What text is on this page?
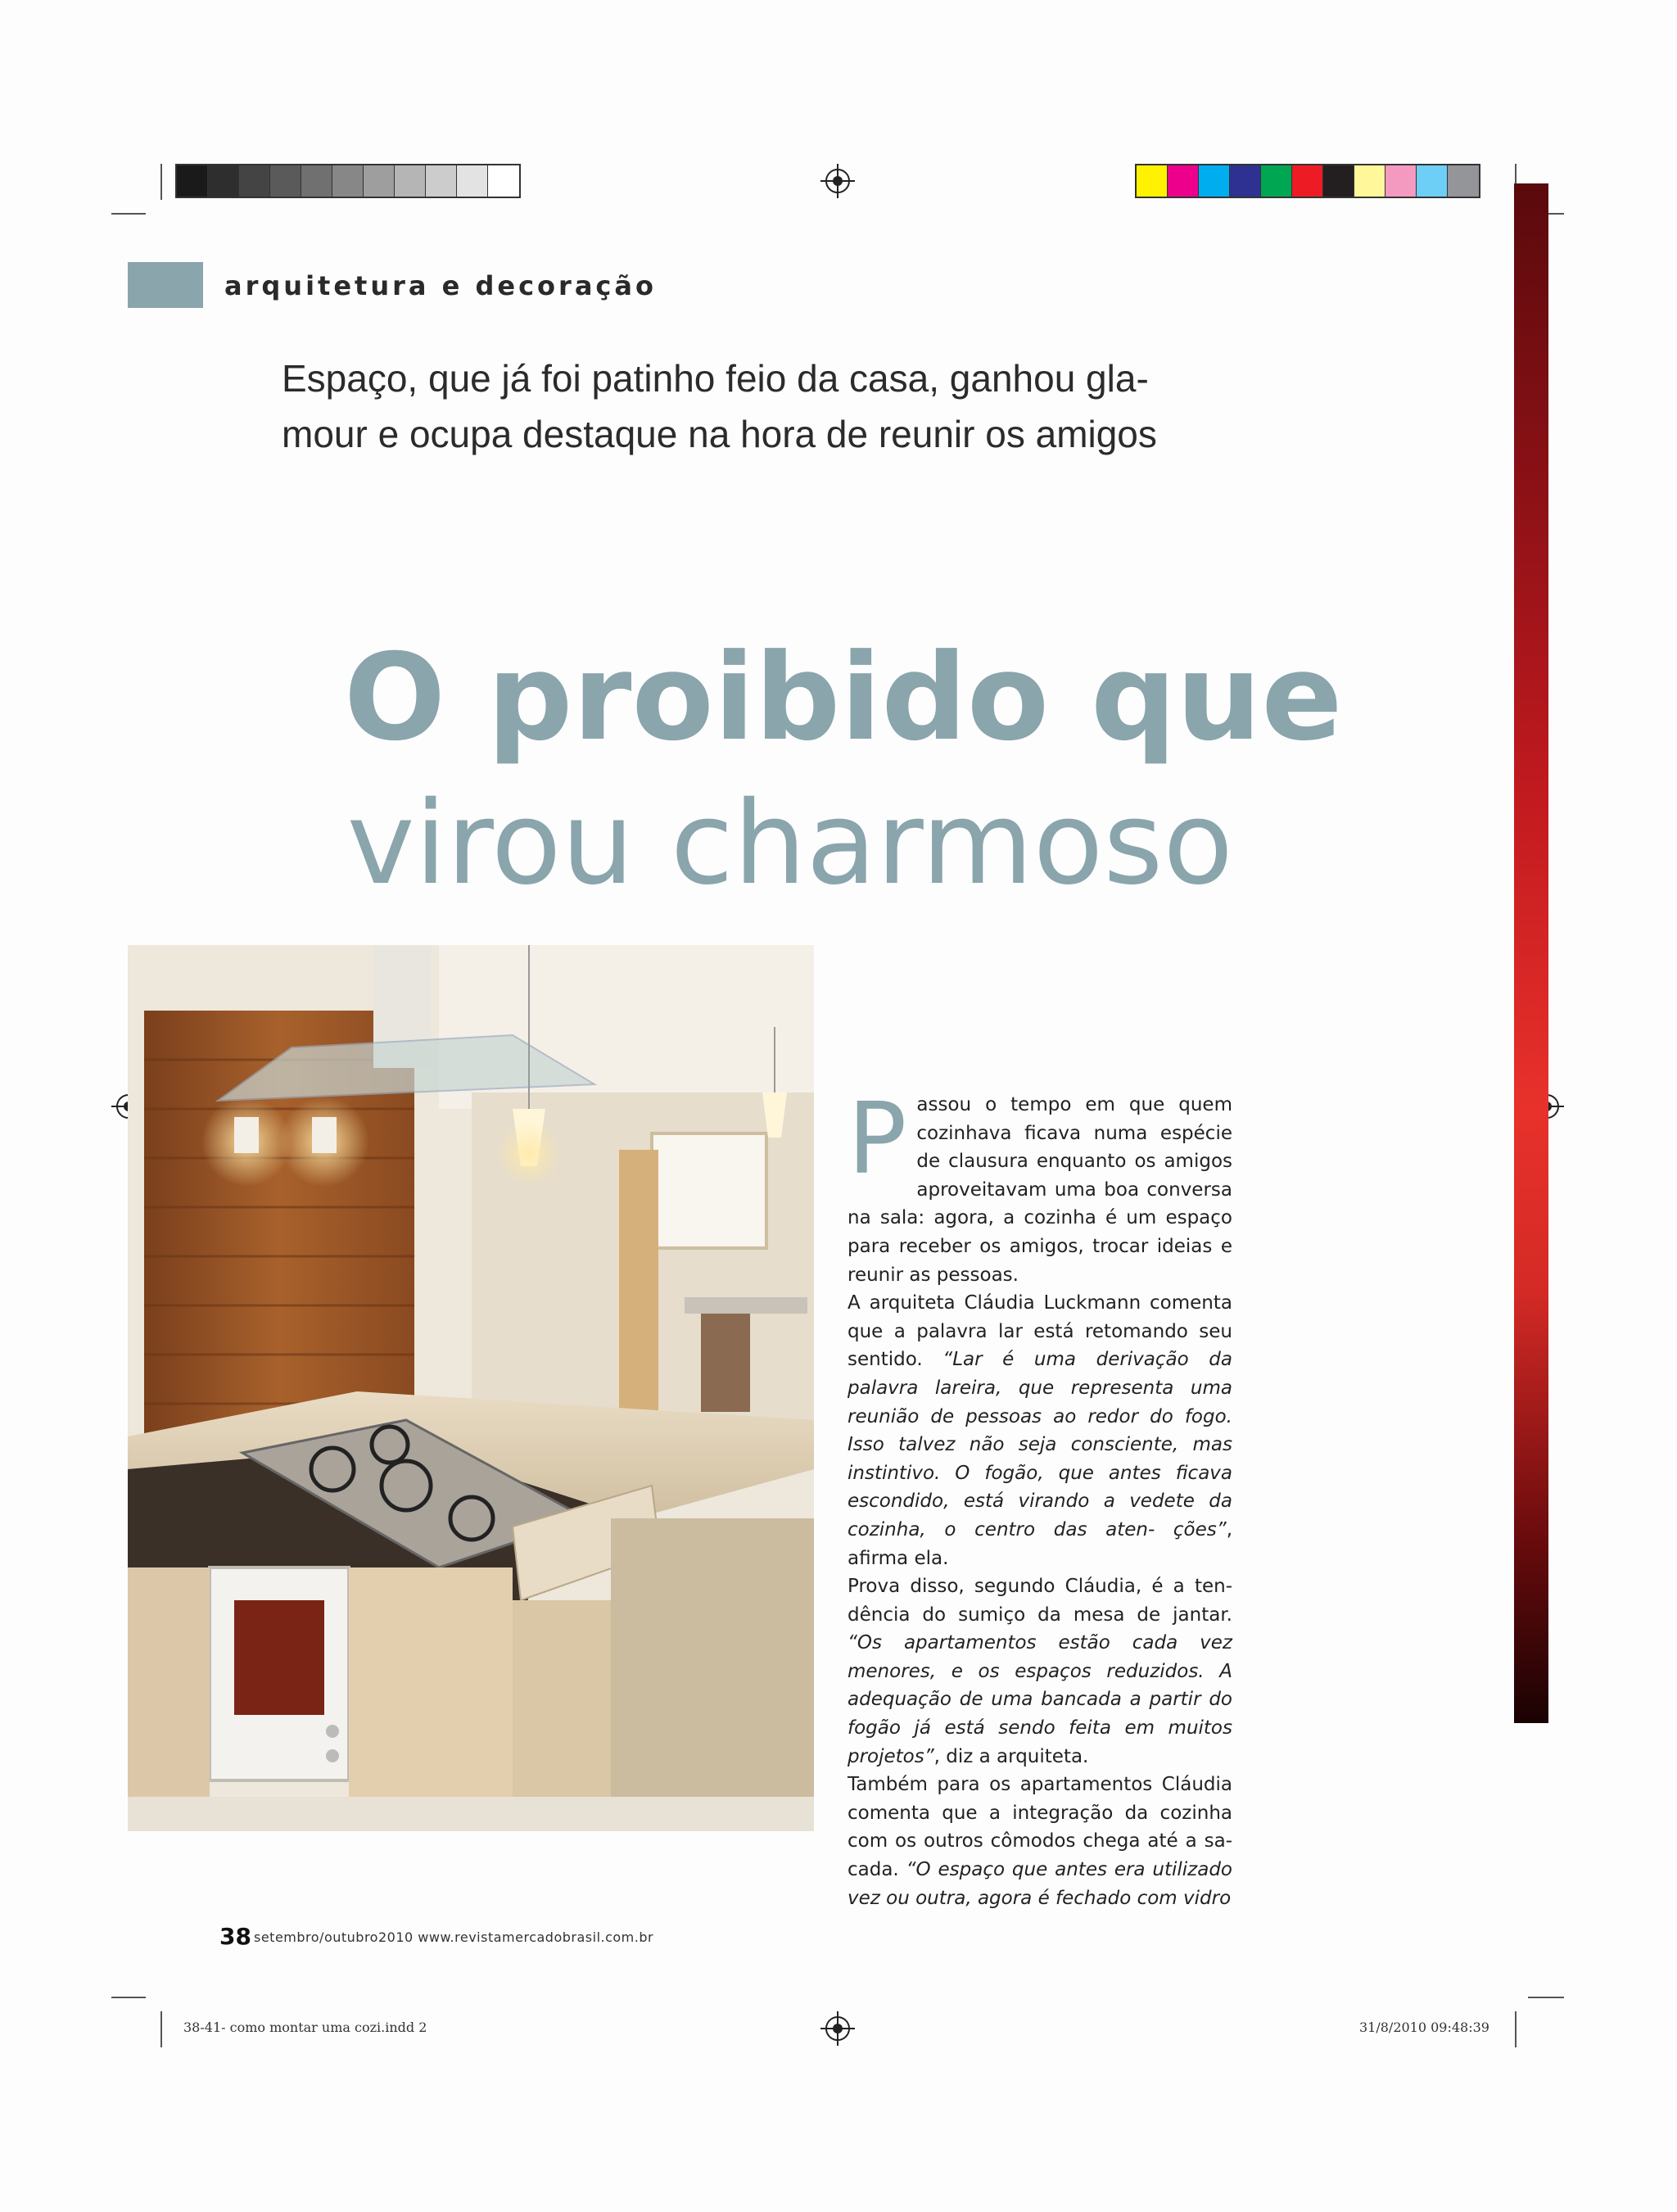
arquitetura e decoração
Espaço, que já foi patinho feio da casa, ganhou gla- mour e ocupa destaque na hora de reunir os amigos
O proibido que
virou charmoso

Passou o tempo em que quem cozinhava ficava numa espécie de clausura enquanto os amigos aproveitavam uma boa conversa na sala: agora, a cozinha é um espaço para receber os amigos, trocar ideias e reunir as pessoas.

A arquiteta Cláudia Luckmann comenta que a palavra lar está retomando seu sentido. “Lar é uma derivação da palavra lareira, que representa uma reunião de pessoas ao redor do fogo. Isso talvez não seja consciente, mas instintivo. O fogão, que antes ficava escondido, está virando a vedete da cozinha, o centro das aten- ções”, afirma ela.

Prova disso, segundo Cláudia, é a ten- dência do sumiço da mesa de jantar. “Os apartamentos estão cada vez menores, e os espaços reduzidos. A adequação de uma bancada a partir do fogão já está sendo feita em muitos projetos”, diz a arquiteta.

Também para os apartamentos Cláudia comenta que a integração da cozinha com os outros cômodos chega até a sa- cada. “O espaço que antes era utilizado vez ou outra, agora é fechado com vidro

38 setembro/outubro2010 www.revistamercadobrasil.com.br
38-41- como montar uma cozi.indd 2	31/8/2010 09:48:39
